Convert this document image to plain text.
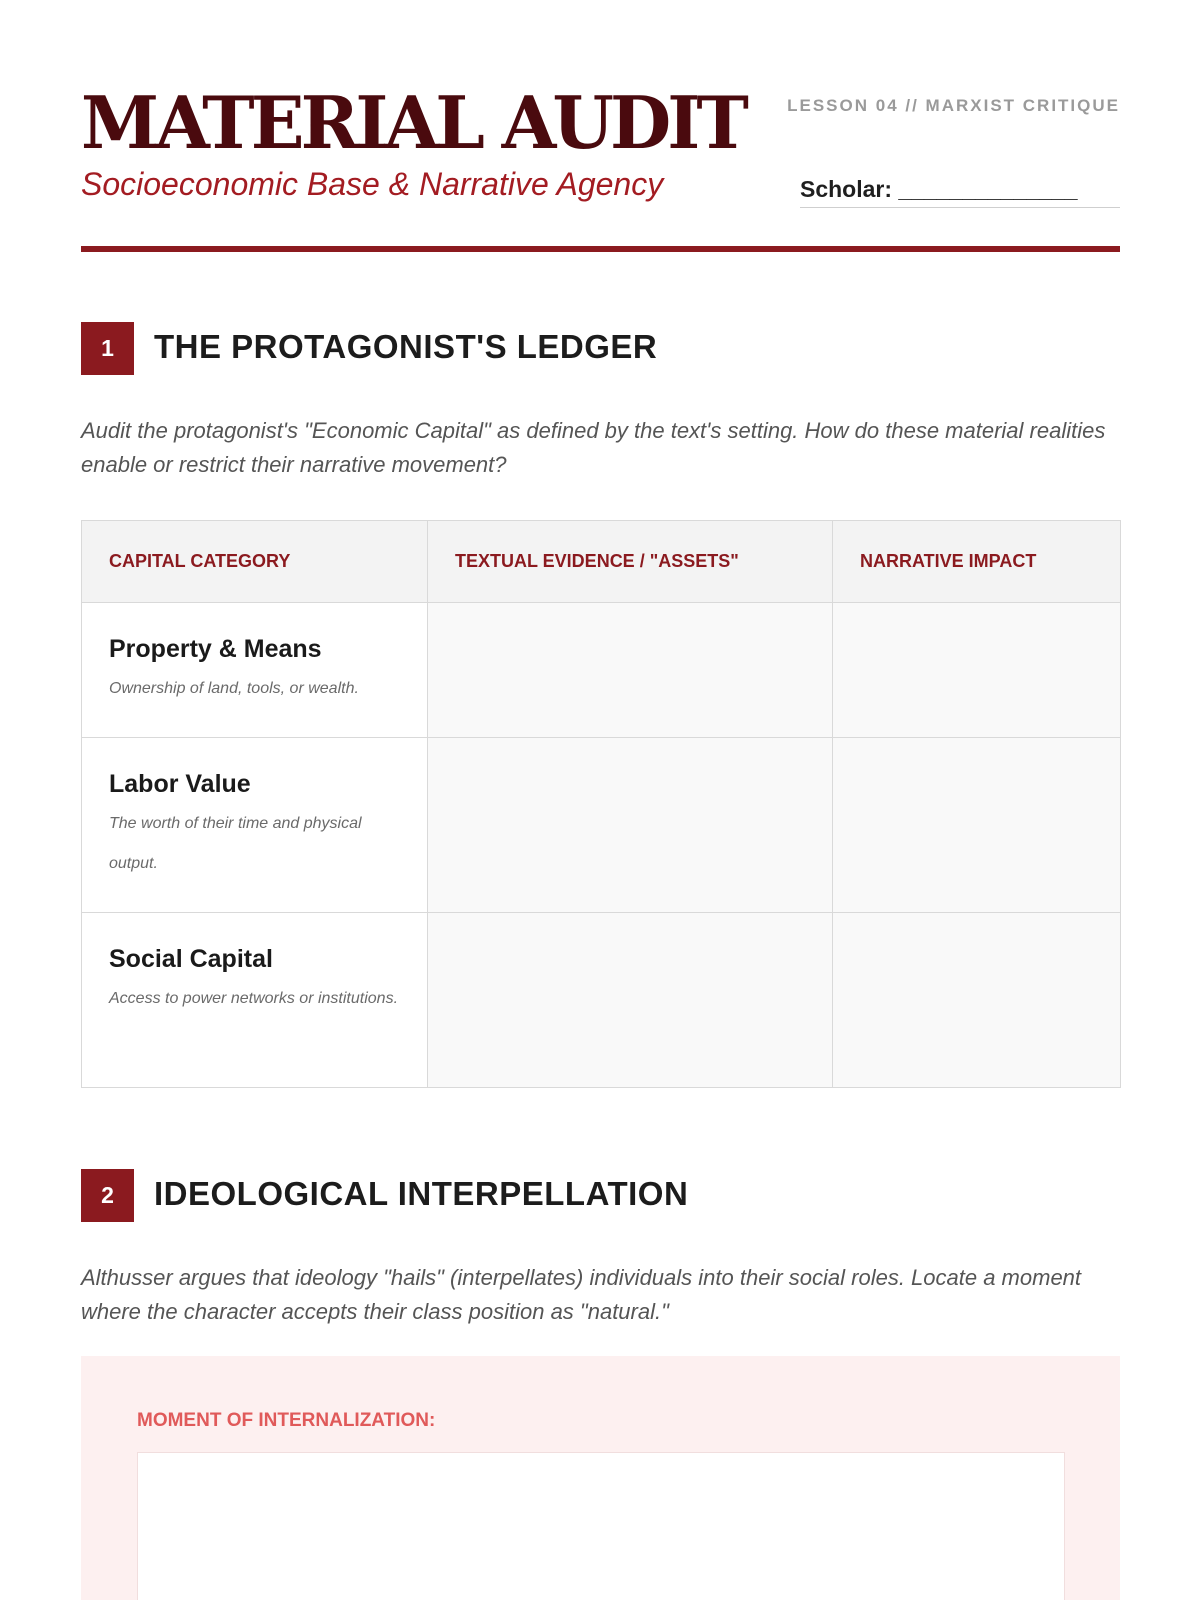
MATERIAL AUDIT
Socioeconomic Base & Narrative Agency
LESSON 04 // MARXIST CRITIQUE
Scholar: ______________
1	THE PROTAGONIST'S LEDGER
Audit the protagonist's "Economic Capital" as defined by the text's setting. How do these material realities enable or restrict their narrative movement?
CAPITAL CATEGORY	TEXTUAL EVIDENCE / "ASSETS"	NARRATIVE IMPACT

Property & Means
Ownership of land, tools, or wealth.		

Labor Value
The worth of their time and physical output.		

Social Capital
Access to power networks or institutions.		

2	IDEOLOGICAL INTERPELLATION
Althusser argues that ideology "hails" (interpellates) individuals into their social roles. Locate a moment where the character accepts their class position as "natural."
MOMENT OF INTERNALIZATION:
